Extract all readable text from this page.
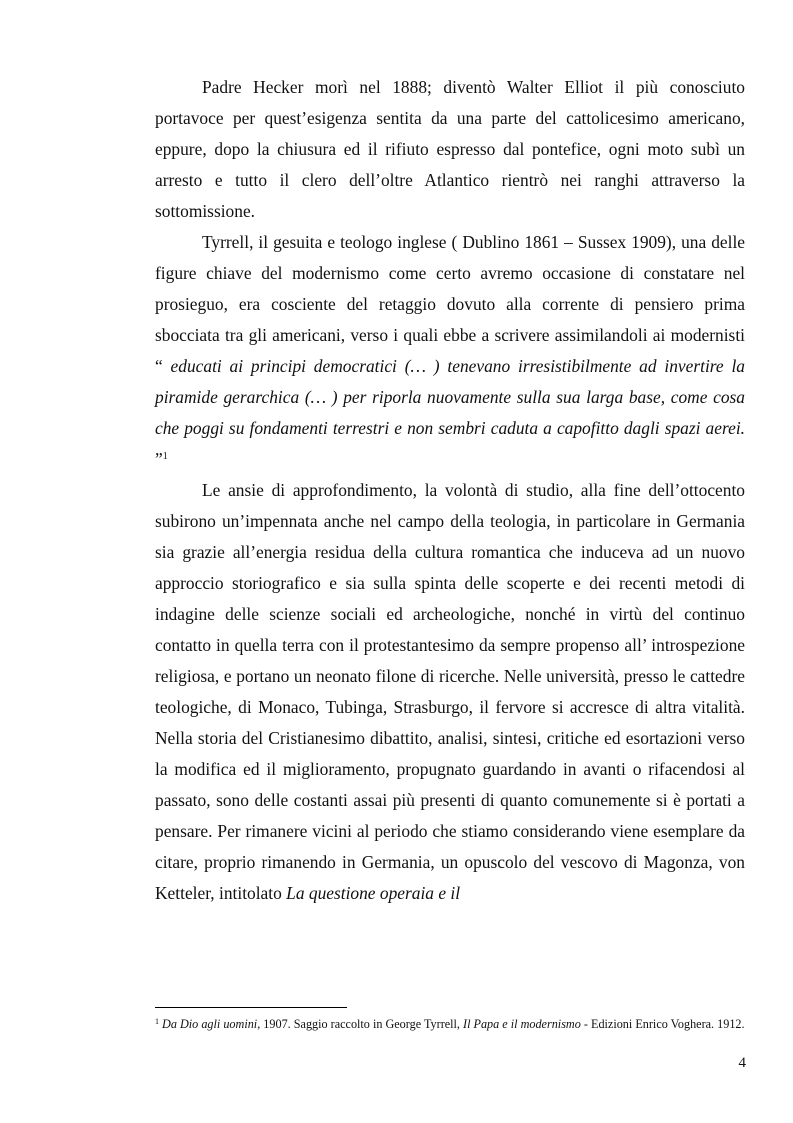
Padre Hecker morì nel 1888; diventò Walter Elliot il più conosciuto portavoce per quest’esigenza sentita da una parte del cattolicesimo americano, eppure, dopo la chiusura ed il rifiuto espresso dal pontefice, ogni moto subì un arresto e tutto il clero dell’oltre Atlantico rientrò nei ranghi attraverso la sottomissione.

Tyrrell, il gesuita e teologo inglese ( Dublino 1861 – Sussex 1909), una delle figure chiave del modernismo come certo avremo occasione di constatare nel prosieguo, era cosciente del retaggio dovuto alla corrente di pensiero prima sbocciata tra gli americani, verso i quali ebbe a scrivere assimilandoli ai modernisti “ educati ai principi democratici (… ) tenevano irresistibilmente ad invertire la piramide gerarchica (… ) per riporla nuovamente sulla sua larga base, come cosa che poggi su fondamenti terrestri e non sembri caduta a capofitto dagli spazi aerei. ”$^1$

Le ansie di approfondimento, la volontà di studio, alla fine dell’ottocento subirono un’impennata anche nel campo della teologia, in particolare in Germania sia grazie all’energia residua della cultura romantica che induceva ad un nuovo approccio storiografico e sia sulla spinta delle scoperte e dei recenti metodi di indagine delle scienze sociali ed archeologiche, nonché in virtù del continuo contatto in quella terra con il protestantesimo da sempre propenso all’ introspezione religiosa, e portano un neonato filone di ricerche. Nelle università, presso le cattedre teologiche, di Monaco, Tubinga, Strasburgo, il fervore si accresce di altra vitalità. Nella storia del Cristianesimo dibattito, analisi, sintesi, critiche ed esortazioni verso la modifica ed il miglioramento, propugnato guardando in avanti o rifacendosi al passato, sono delle costanti assai più presenti di quanto comunemente si è portati a pensare. Per rimanere vicini al periodo che stiamo considerando viene esemplare da citare, proprio rimanendo in Germania, un opuscolo del vescovo di Magonza, von Ketteler, intitolato La questione operaia e il

$^1$ Da Dio agli uomini, 1907. Saggio raccolto in George Tyrrell, Il Papa e il modernismo - Edizioni Enrico Voghera. 1912.
4
